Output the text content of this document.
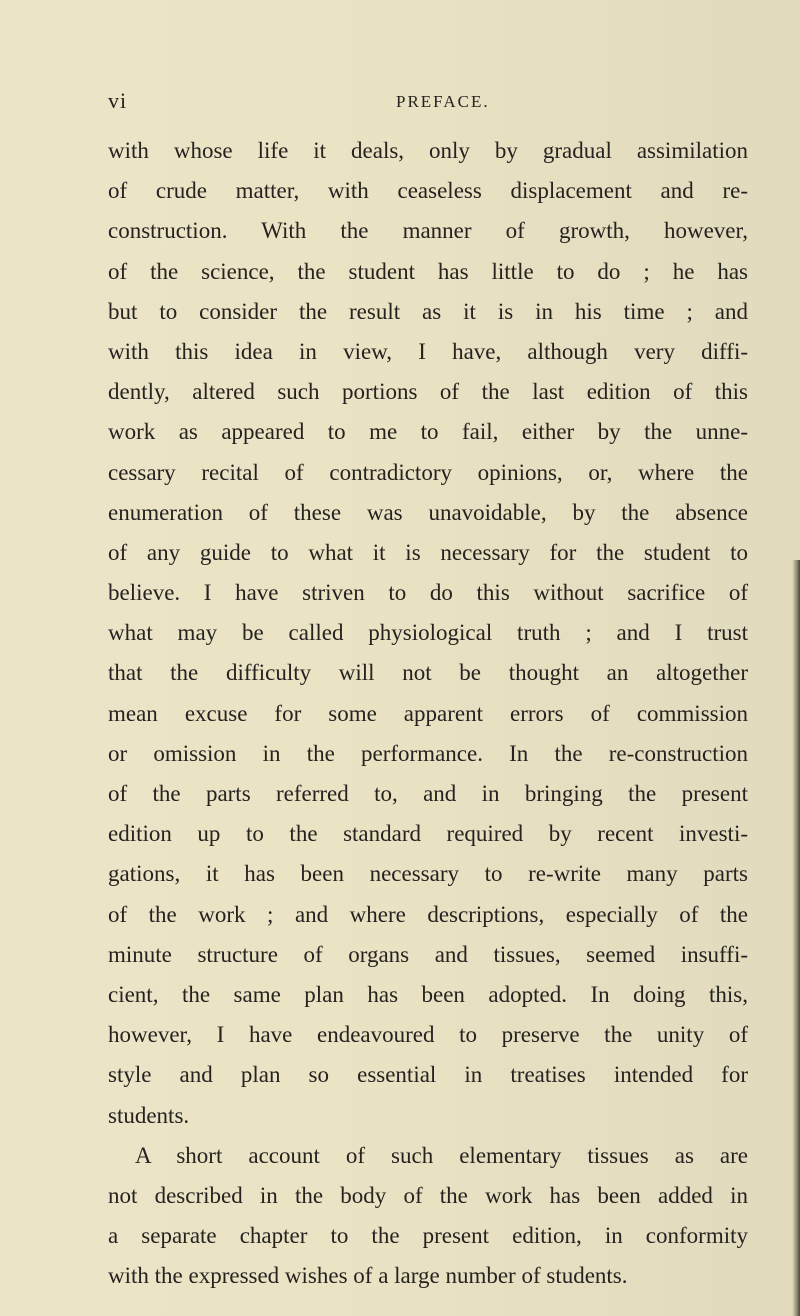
vi	PREFACE.
with whose life it deals, only by gradual assimilation
of crude matter, with ceaseless displacement and re-
construction. With the manner of growth, however,
of the science, the student has little to do ; he has
but to consider the result as it is in his time ; and
with this idea in view, I have, although very diffi-
dently, altered such portions of the last edition of this
work as appeared to me to fail, either by the unne-
cessary recital of contradictory opinions, or, where the
enumeration of these was unavoidable, by the absence
of any guide to what it is necessary for the student to
believe. I have striven to do this without sacrifice of
what may be called physiological truth ; and I trust
that the difficulty will not be thought an altogether
mean excuse for some apparent errors of commission
or omission in the performance. In the re-construction
of the parts referred to, and in bringing the present
edition up to the standard required by recent investi-
gations, it has been necessary to re-write many parts
of the work ; and where descriptions, especially of the
minute structure of organs and tissues, seemed insuffi-
cient, the same plan has been adopted. In doing this,
however, I have endeavoured to preserve the unity of
style and plan so essential in treatises intended for
students.
A short account of such elementary tissues as are
not described in the body of the work has been added in
a separate chapter to the present edition, in conformity
with the expressed wishes of a large number of students.
